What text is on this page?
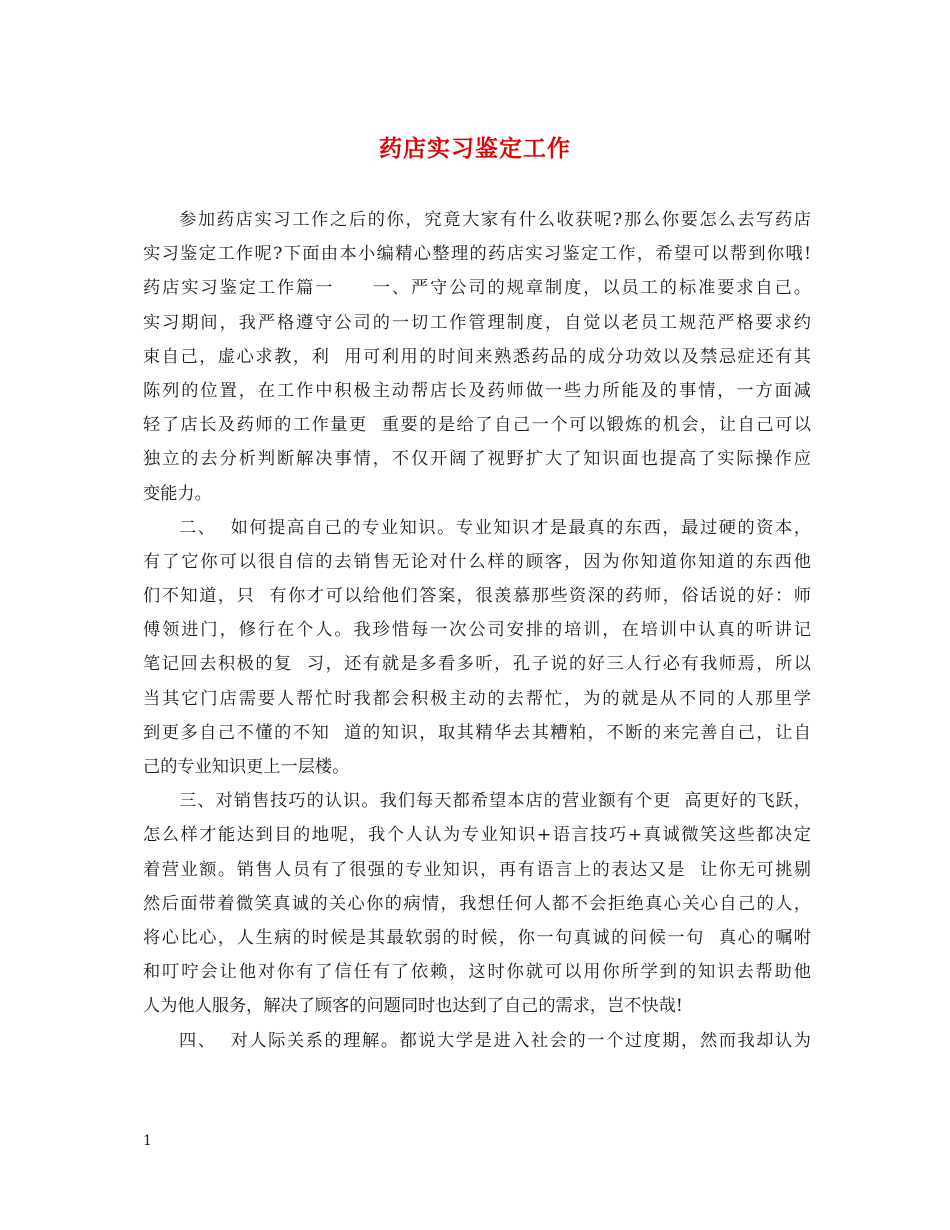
药店实习鉴定工作
参加药店实习工作之后的你，究竟大家有什么收获呢?那么你要怎么去写药店
实习鉴定工作呢?下面由本小编精心整理的药店实习鉴定工作，希望可以帮到你哦!
药店实习鉴定工作篇一　　一、严守公司的规章制度，以员工的标准要求自己。
实习期间，我严格遵守公司的一切工作管理制度，自觉以老员工规范严格要求约
束自己，虚心求教，利  用可利用的时间来熟悉药品的成分功效以及禁忌症还有其
陈列的位置，在工作中积极主动帮店长及药师做一些力所能及的事情，一方面减
轻了店长及药师的工作量更  重要的是给了自己一个可以锻炼的机会，让自己可以
独立的去分析判断解决事情，不仅开阔了视野扩大了知识面也提高了实际操作应
变能力。
二、  如何提高自己的专业知识。专业知识才是最真的东西，最过硬的资本，
有了它你可以很自信的去销售无论对什么样的顾客，因为你知道你知道的东西他
们不知道，只  有你才可以给他们答案，很羡慕那些资深的药师，俗话说的好：师
傅领进门，修行在个人。我珍惜每一次公司安排的培训，在培训中认真的听讲记
笔记回去积极的复  习，还有就是多看多听，孔子说的好三人行必有我师焉，所以
当其它门店需要人帮忙时我都会积极主动的去帮忙，为的就是从不同的人那里学
到更多自己不懂的不知  道的知识，取其精华去其糟粕，不断的来完善自己，让自
己的专业知识更上一层楼。
三、对销售技巧的认识。我们每天都希望本店的营业额有个更  高更好的飞跃，
怎么样才能达到目的地呢，我个人认为专业知识+语言技巧+真诚微笑这些都决定
着营业额。销售人员有了很强的专业知识，再有语言上的表达又是  让你无可挑剔
然后面带着微笑真诚的关心你的病情，我想任何人都不会拒绝真心关心自己的人，
将心比心，人生病的时候是其最软弱的时候，你一句真诚的问候一句  真心的嘱咐
和叮咛会让他对你有了信任有了依赖，这时你就可以用你所学到的知识去帮助他
人为他人服务，解决了顾客的问题同时也达到了自己的需求，岂不快哉!
四、  对人际关系的理解。都说大学是进入社会的一个过度期，然而我却认为
1
